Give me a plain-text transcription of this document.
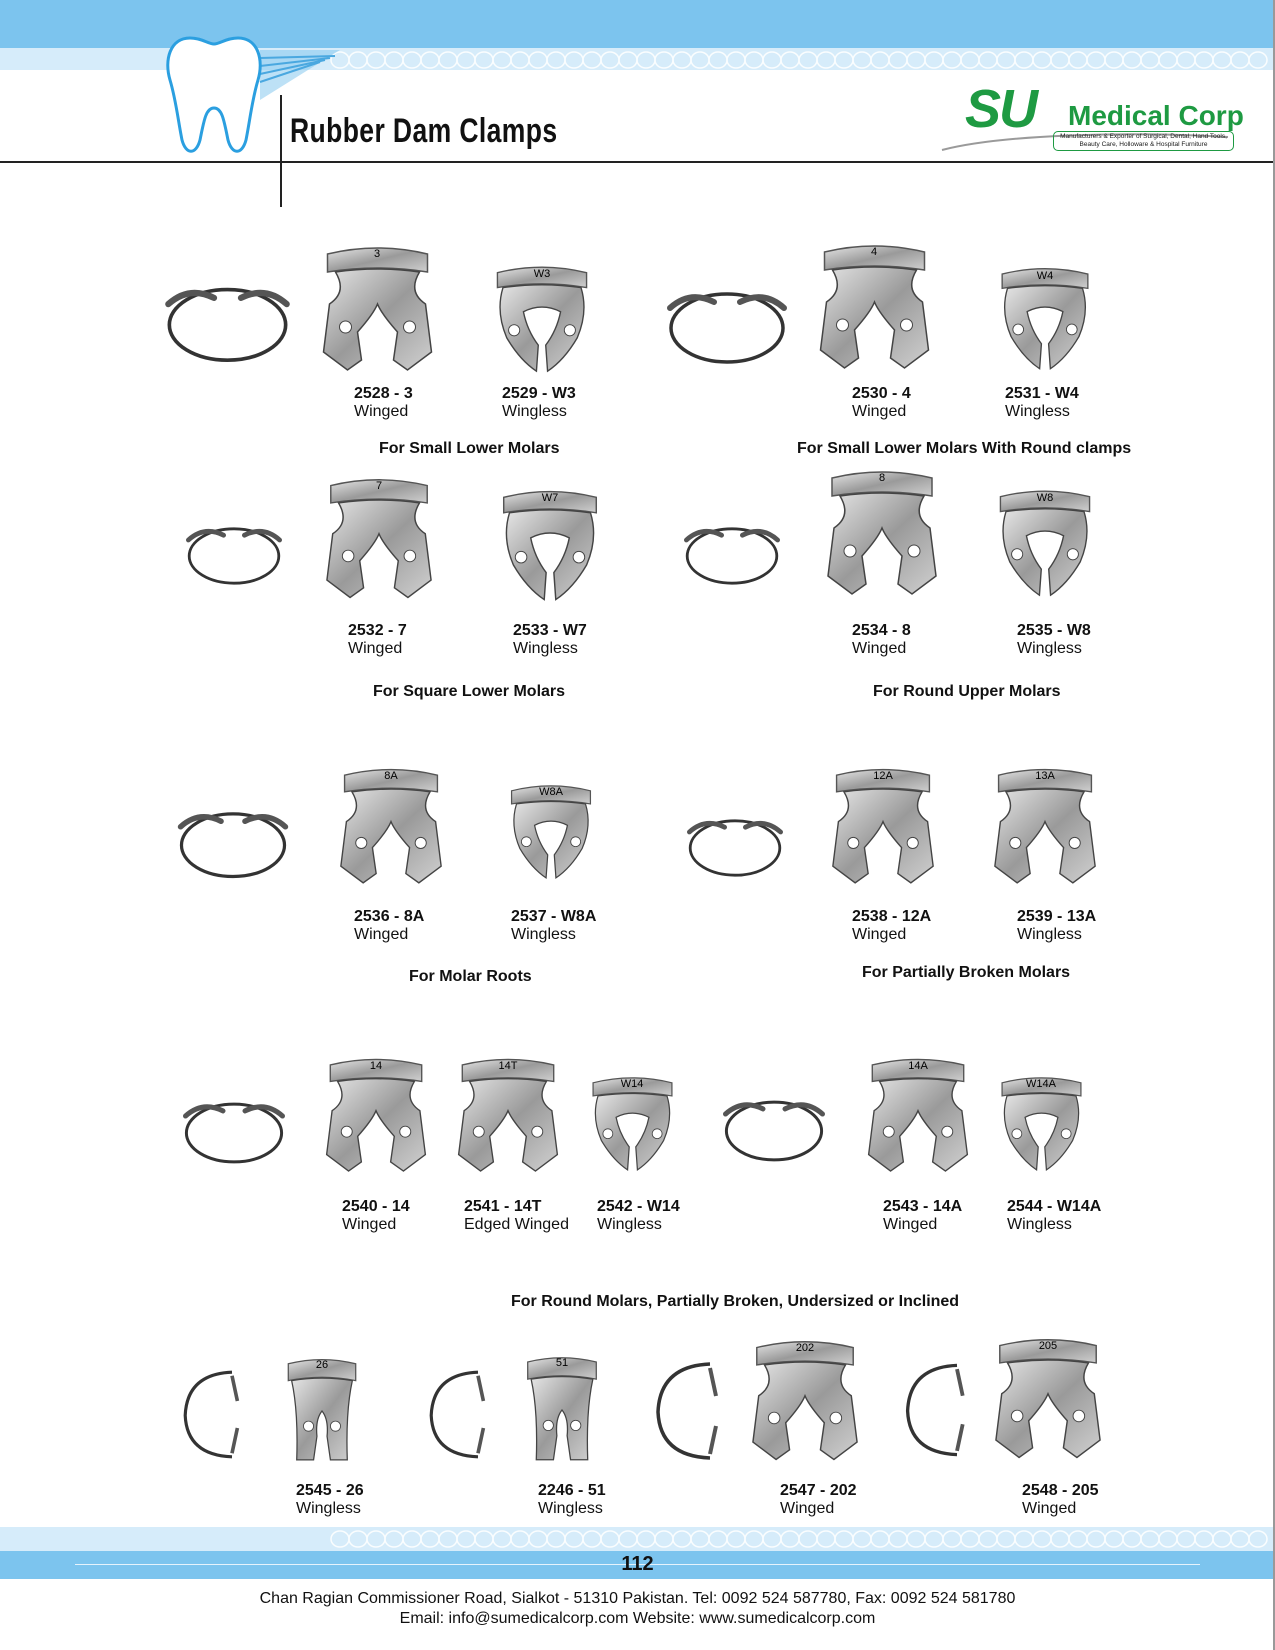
Rubber Dam Clamps	SU Medical Corp
Manufacturers & Exporter of Surgical, Dental, Hand Tools, Beauty Care, Holloware & Hospital Furniture
3
W3
4
W4
2528 - 3
Winged
2529 - W3
Wingless
2530 - 4
Winged
2531 - W4
Wingless
For Small Lower Molars	For Small Lower Molars With Round clamps
7
W7
8
W8
2532 - 7
Winged
2533 - W7
Wingless
2534 - 8
Winged
2535 - W8
Wingless
For Square Lower Molars	For Round Upper Molars
8A
W8A
12A	13A
2536 - 8A
Winged
2537 - W8A
Wingless
2538 - 12A
Winged
2539 - 13A
Wingless
For Molar Roots	For Partially Broken Molars
14	14T
W14
14A
W14A
2540 - 14
Winged
2541 - 14T
Edged Winged
2542 - W14
Wingless
2543 - 14A
Winged
2544 - W14A
Wingless
For Round Molars, Partially Broken, Undersized or Inclined
26	51
202	205
2545 - 26
Wingless
2246 - 51
Wingless
2547 - 202
Winged
2548 - 205
Winged
112
Chan Ragian Commissioner Road, Sialkot - 51310 Pakistan. Tel: 0092 524 587780, Fax: 0092 524 581780
Email: info@sumedicalcorp.com Website: www.sumedicalcorp.com
